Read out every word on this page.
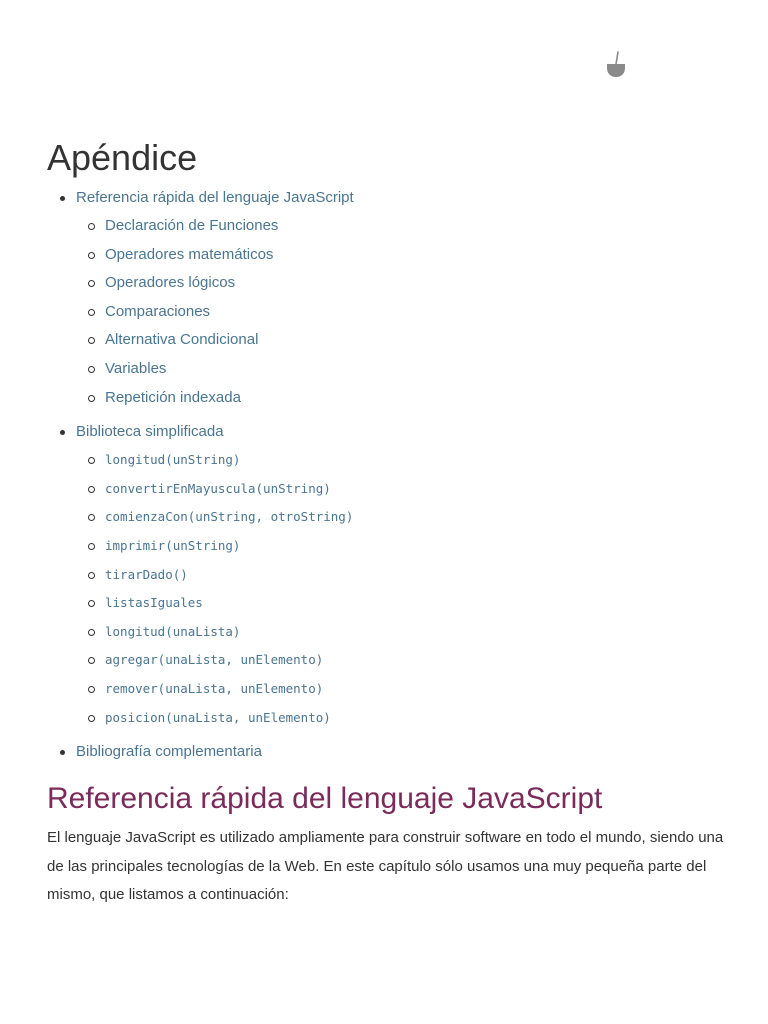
Apéndice
Referencia rápida del lenguaje JavaScript
Declaración de Funciones
Operadores matemáticos
Operadores lógicos
Comparaciones
Alternativa Condicional
Variables
Repetición indexada
Biblioteca simplificada
longitud(unString)
convertirEnMayuscula(unString)
comienzaCon(unString, otroString)
imprimir(unString)
tirarDado()
listasIguales
longitud(unaLista)
agregar(unaLista, unElemento)
remover(unaLista, unElemento)
posicion(unaLista, unElemento)
Bibliografía complementaria
Referencia rápida del lenguaje JavaScript

El lenguaje JavaScript es utilizado ampliamente para construir software en todo el mundo, siendo una de las principales tecnologías de la Web. En este capítulo sólo usamos una muy pequeña parte del mismo, que listamos a continuación:
